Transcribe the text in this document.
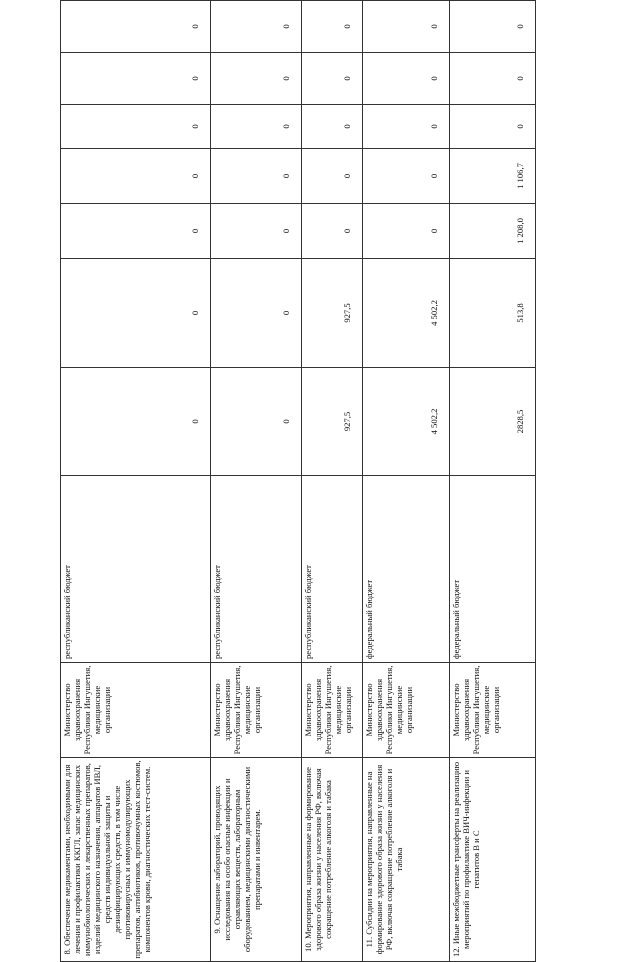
8. Обеспечение медикаментами, необходимыми для лечения и профилактики ККГЛ, запас медицинских иммунобиологических и лекарственных препаратов, изделий медицинского назначения, аппаратов ИВЛ, средств индивидуальной защиты и дезинфицирующих средств, в том числе противовирусных и иммуномодулирующих препаратов, антибиотиков, противочумных костюмов, компонентов крови, диагностических тест-систем.	Министерство здравоохранения Республики Ингушетия, медицинские организации	республиканский бюджет	0	0	0	0	0	0	0	
9. Оснащение лабораторий, проводящих исследования на особо опасные инфекции и отравляющих веществ, лабораторным оборудованием, медицинскими диагностическими препаратами и инвентарем.	Министерство здравоохранения Республики Ингушетия, медицинские организации	республиканский бюджет	0	0	0	0	0	0	0	
10. Мероприятия, направленные на формирование здорового образа жизни у населения РФ, включая сокращение потребление алкоголя и табака	Министерство здравоохранения Республики Ингушетия, медицинские организации	республиканский бюджет	927,5	927,5	0	0	0	0	0	
11. Субсидии на мероприятия, направленные на формирование здорового образа жизни у населения РФ, включая сокращение потребление алкоголя и табака	Министерство здравоохранения Республики Ингушетия, медицинские организации	федеральный бюджет	4 502,2	4 502,2	0	0	0	0	0	
12. Иные межбюджетные трансферты на реализацию мероприятий по профилактике ВИЧ-инфекции и гепатитов В и С	Министерство здравоохранения Республики Ингушетия, медицинские организации	федеральный бюджет	2828,5	513,8	1 208,0	1 106,7	0	0	0	
